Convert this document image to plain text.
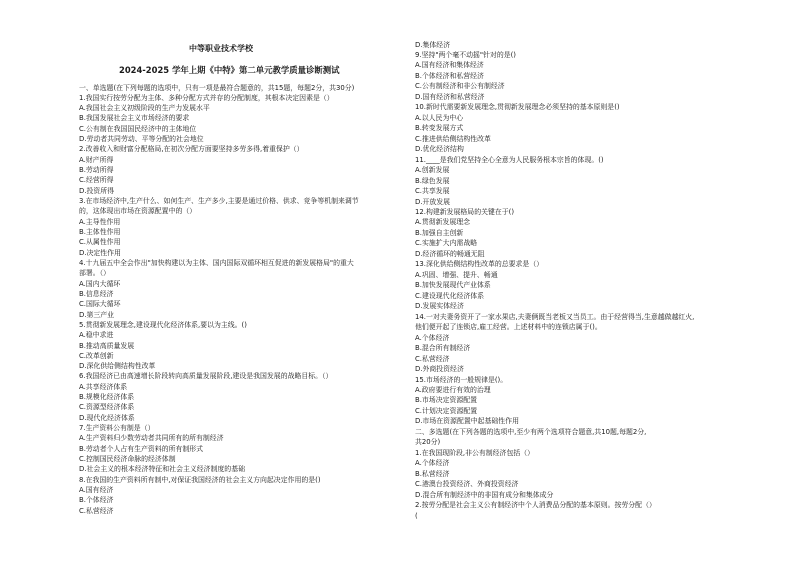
中等职业技术学校
2024-2025 学年上期《中特》第二单元教学质量诊断测试
一、单选题(在下列每题的选项中，只有一项是最符合题意的，共15题，每题2分，共30分)
1.我国实行按劳分配为主体、多种分配方式并存的分配制度，其根本决定因素是（）
A.我国社会主义初级阶段的生产力发展水平
B.我国发展社会主义市场经济的要求
C.公有制在我国国民经济中的主体地位
D.劳动者共同劳动、平等分配的社会地位
2.改善收入和财富分配格局,在初次分配方面要坚持多劳多得,着重保护（）
A.财产所得
B.劳动所得
C.经营所得
D.投资所得
3.在市场经济中,生产什么、如何生产、生产多少,主要是通过价格、供求、竞争等机制来调节
的，这体现出市场在资源配置中的（）
A.主导性作用
B.主体性作用
C.从属性作用
D.决定性作用
4.十九届五中全会作出"加快构建以为主体、国内国际双循环相互促进的新发展格局"的重大
部署。（）
A.国内大循环
B.信息经济
C.国际大循环
D.第三产业
5.贯彻新发展理念,建设现代化经济体系,要以为主线。()
A.稳中求进
B.推动高质量发展
C.改革创新
D.深化供给侧结构性改革
6.我国经济已由高速增长阶段转向高质量发展阶段,建设是我国发展的战略目标。（）
A.共享经济体系
B.规模化经济体系
C.资源型经济体系
D.现代化经济体系
7.生产资料公有制是（）
A.生产资料归少数劳动者共同所有的所有制经济
B.劳动者个人占有生产资料的所有制形式
C.控制国民经济命脉的经济体制
D.社会主义的根本经济特征和社会主义经济制度的基础
8.在我国的生产资料所有制中,对保证我国经济的社会主义方向起决定作用的是()
A.国有经济
B.个体经济
C.私营经济
D.集体经济
9.坚持"两个毫不动摇"针对的是()
A.国有经济和集体经济
B.个体经济和私营经济
C.公有制经济和非公有制经济
D.国有经济和私营经济
10.新时代需要新发展理念,贯彻新发展理念必须坚持的基本原则是()
A.以人民为中心
B.转变发展方式
C.推进供给侧结构性改革
D.优化经济结构
11.____是我们党坚持全心全意为人民服务根本宗旨的体现。()
A.创新发展
B.绿色发展
C.共享发展
D.开放发展
12.构建新发展格局的关键在于()
A.贯彻新发展理念
B.加强自主创新
C.实施扩大内需战略
D.经济循环的畅通无阻
13.深化供给侧结构性改革的总要求是（）
A.巩固、增强、提升、畅通
B.加快发展现代产业体系
C.建设现代化经济体系
D.发展实体经济
14.一对夫妻务资开了一家水果店,夫妻俩既当老板又当员工。由于经营得当,生意越做越红火,
他们便开起了连锁店,雇工经营。上述材料中的连锁店属于()。
A.个体经济
B.混合所有制经济
C.私营经济
D.外商投资经济
15.市场经济的一般规律是()。
A.政府要进行有效的治理
B.市场决定资源配置
C.计划决定资源配置
D.市场在资源配置中起基础性作用
二、多选题(在下列各题的选项中,至少有两个选项符合题意,共10题,每题2分,
共20分)
1.在我国现阶段,非公有制经济包括（）
A.个体经济
B.私营经济
C.港澳台投资经济、外商投资经济
D.混合所有制经济中的非国有成分和集体成分
2.按劳分配是社会主义公有制经济中个人消费品分配的基本原则。按劳分配（）
(
